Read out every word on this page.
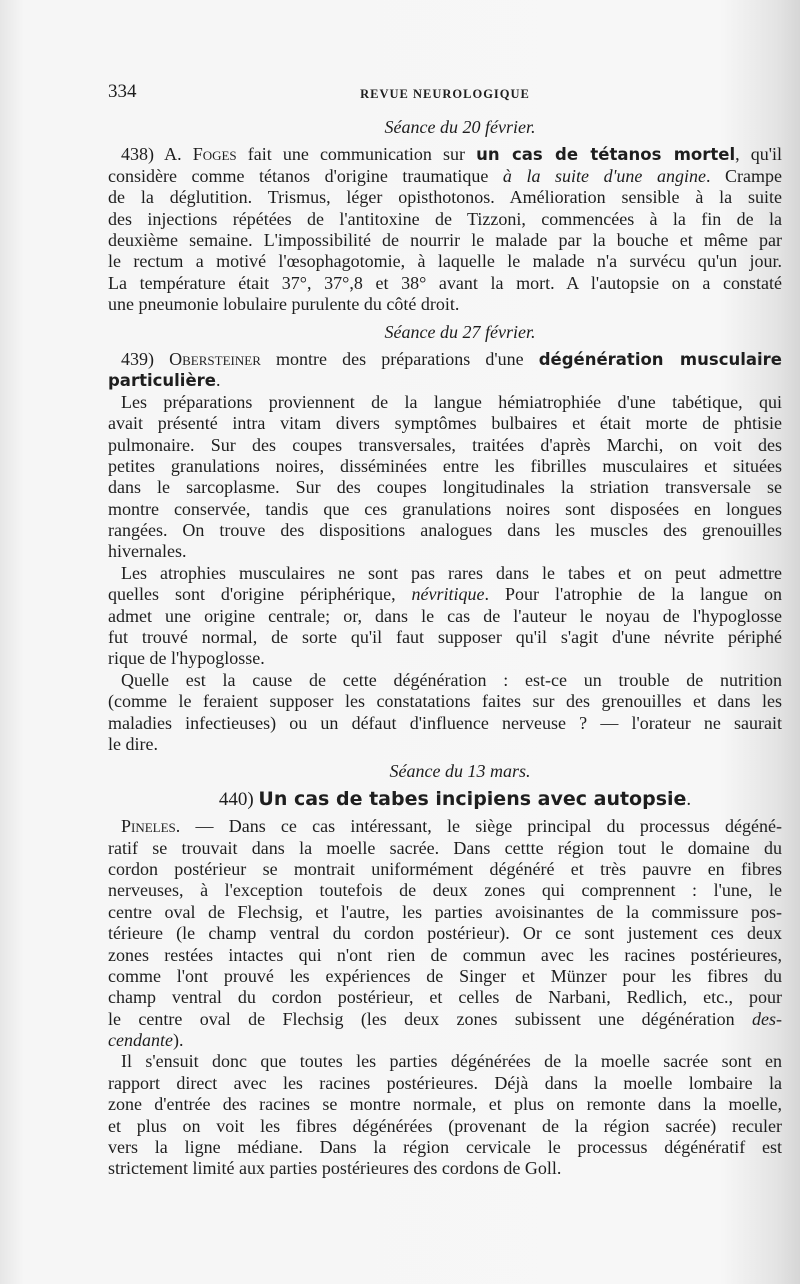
334	REVUE NEUROLOGIQUE
Séance du 20 février.
438) A. Foges fait une communication sur un cas de tétanos mortel, qu'il
considère comme tétanos d'origine traumatique à la suite d'une angine. Crampe
de la déglutition. Trismus, léger opisthotonos. Amélioration sensible à la suite
des injections répétées de l'antitoxine de Tizzoni, commencées à la fin de la
deuxième semaine. L'impossibilité de nourrir le malade par la bouche et même par
le rectum a motivé l'œsophagotomie, à laquelle le malade n'a survécu qu'un jour.
La température était 37°, 37°,8 et 38° avant la mort. A l'autopsie on a constaté
une pneumonie lobulaire purulente du côté droit.
Séance du 27 février.
439) Obersteiner montre des préparations d'une dégénération musculaire
particulière.
Les préparations proviennent de la langue hémiatrophiée d'une tabétique, qui
avait présenté intra vitam divers symptômes bulbaires et était morte de phtisie
pulmonaire. Sur des coupes transversales, traitées d'après Marchi, on voit des
petites granulations noires, disséminées entre les fibrilles musculaires et situées
dans le sarcoplasme. Sur des coupes longitudinales la striation transversale se
montre conservée, tandis que ces granulations noires sont disposées en longues
rangées. On trouve des dispositions analogues dans les muscles des grenouilles
hivernales.
Les atrophies musculaires ne sont pas rares dans le tabes et on peut admettre
quelles sont d'origine périphérique, névritique. Pour l'atrophie de la langue on
admet une origine centrale; or, dans le cas de l'auteur le noyau de l'hypoglosse
fut trouvé normal, de sorte qu'il faut supposer qu'il s'agit d'une névrite périphé
rique de l'hypoglosse.
Quelle est la cause de cette dégénération : est-ce un trouble de nutrition
(comme le feraient supposer les constatations faites sur des grenouilles et dans les
maladies infectieuses) ou un défaut d'influence nerveuse ? — l'orateur ne saurait
le dire.
Séance du 13 mars.
440) Un cas de tabes incipiens avec autopsie.
Pineles. — Dans ce cas intéressant, le siège principal du processus dégéné-
ratif se trouvait dans la moelle sacrée. Dans cettte région tout le domaine du
cordon postérieur se montrait uniformément dégénéré et très pauvre en fibres
nerveuses, à l'exception toutefois de deux zones qui comprennent : l'une, le
centre oval de Flechsig, et l'autre, les parties avoisinantes de la commissure pos-
térieure (le champ ventral du cordon postérieur). Or ce sont justement ces deux
zones restées intactes qui n'ont rien de commun avec les racines postérieures,
comme l'ont prouvé les expériences de Singer et Münzer pour les fibres du
champ ventral du cordon postérieur, et celles de Narbani, Redlich, etc., pour
le centre oval de Flechsig (les deux zones subissent une dégénération des-
cendante).
Il s'ensuit donc que toutes les parties dégénérées de la moelle sacrée sont en
rapport direct avec les racines postérieures. Déjà dans la moelle lombaire la
zone d'entrée des racines se montre normale, et plus on remonte dans la moelle,
et plus on voit les fibres dégénérées (provenant de la région sacrée) reculer
vers la ligne médiane. Dans la région cervicale le processus dégénératif est
strictement limité aux parties postérieures des cordons de Goll.
